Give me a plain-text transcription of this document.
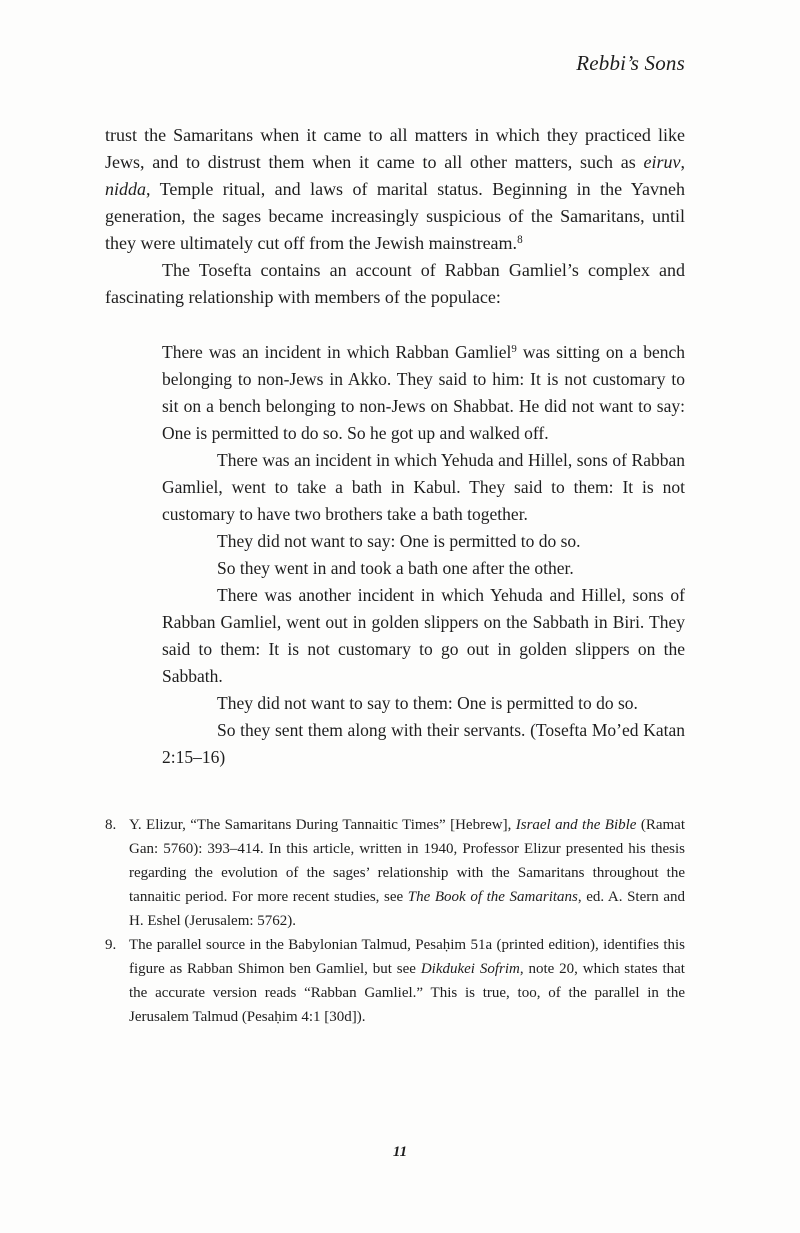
Rebbi’s Sons

trust the Samaritans when it came to all matters in which they practiced like Jews, and to distrust them when it came to all other matters, such as eiruv, nidda, Temple ritual, and laws of marital status. Beginning in the Yavneh generation, the sages became increasingly suspicious of the Samaritans, until they were ultimately cut off from the Jewish mainstream.$^8$

The Tosefta contains an account of Rabban Gamliel’s complex and fascinating relationship with members of the populace:

There was an incident in which Rabban Gamliel$^9$ was sitting on a bench belonging to non-Jews in Akko. They said to him: It is not customary to sit on a bench belonging to non-Jews on Shabbat. He did not want to say: One is permitted to do so. So he got up and walked off.

There was an incident in which Yehuda and Hillel, sons of Rabban Gamliel, went to take a bath in Kabul. They said to them: It is not customary to have two brothers take a bath together.

They did not want to say: One is permitted to do so.

So they went in and took a bath one after the other.

There was another incident in which Yehuda and Hillel, sons of Rabban Gamliel, went out in golden slippers on the Sabbath in Biri. They said to them: It is not customary to go out in golden slippers on the Sabbath.

They did not want to say to them: One is permitted to do so.

So they sent them along with their servants. (Tosefta Mo’ed Katan 2:15–16)

8. Y. Elizur, “The Samaritans During Tannaitic Times” [Hebrew], Israel and the Bible (Ramat Gan: 5760): 393–414. In this article, written in 1940, Professor Elizur presented his thesis regarding the evolution of the sages’ relationship with the Samaritans throughout the tannaitic period. For more recent studies, see The Book of the Samaritans, ed. A. Stern and H. Eshel (Jerusalem: 5762).
9. The parallel source in the Babylonian Talmud, Pesaḥim 51a (printed edition), identifies this figure as Rabban Shimon ben Gamliel, but see Dikdukei Sofrim, note 20, which states that the accurate version reads “Rabban Gamliel.” This is true, too, of the parallel in the Jerusalem Talmud (Pesaḥim 4:1 [30d]).
11
